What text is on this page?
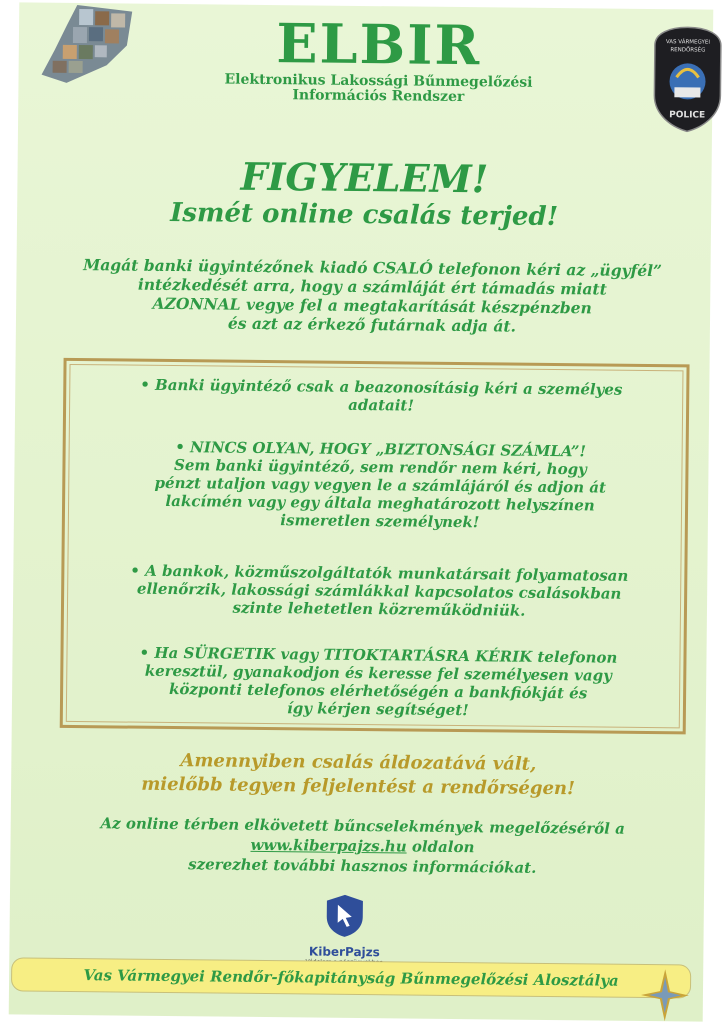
ELBIR
Elektronikus Lakossági Bűnmegelőzési
Információs Rendszer
VAS VÁRMEGYEI
RENDŐRSÉG
POLICE
FIGYELEM!
Ismét online csalás terjed!
Magát banki ügyintézőnek kiadó CSALÓ telefonon kéri az „ügyfél”
intézkedését arra, hogy a számláját ért támadás miatt
AZONNAL vegye fel a megtakarítását készpénzben
és azt az érkező futárnak adja át.
• Banki ügyintéző csak a beazonosításig kéri a személyes
adatait!
• NINCS OLYAN, HOGY „BIZTONSÁGI SZÁMLA”!
Sem banki ügyintéző, sem rendőr nem kéri, hogy
pénzt utaljon vagy vegyen le a számlájáról és adjon át
lakcímén vagy egy általa meghatározott helyszínen
ismeretlen személynek!
• A bankok, közműszolgáltatók munkatársait folyamatosan
ellenőrzik, lakossági számlákkal kapcsolatos csalásokban
szinte lehetetlen közreműködniük.
• Ha SÜRGETIK vagy TITOKTARTÁSRA KÉRIK telefonon
keresztül, gyanakodjon és keresse fel személyesen vagy
központi telefonos elérhetőségén a bankfiókját és
így kérjen segítséget!
Amennyiben csalás áldozatává vált,
mielőbb tegyen feljelentést a rendőrségen!
Az online térben elkövetett bűncselekmények megelőzéséről a
www.kiberpajzs.hu oldalon
szerezhet további hasznos információkat.
KiberPajzs
Vas Vármegyei Rendőr-főkapitányság Bűnmegelőzési Alosztálya
